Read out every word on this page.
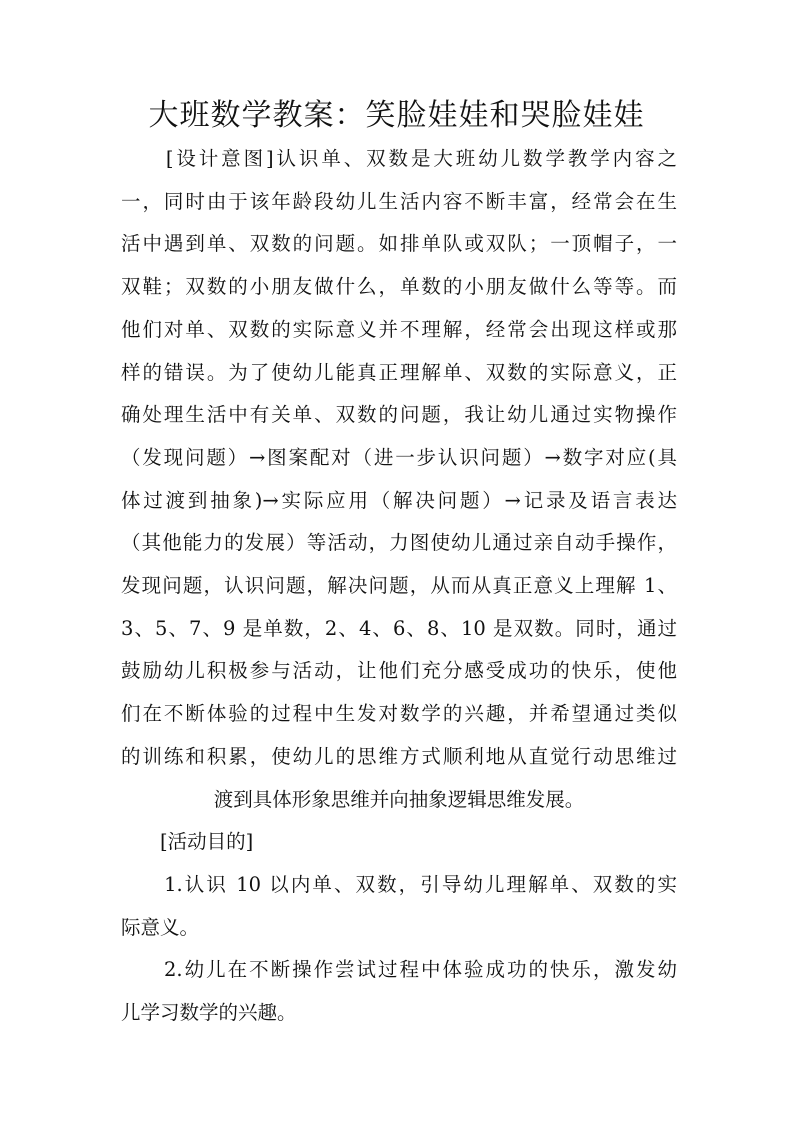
大班数学教案：笑脸娃娃和哭脸娃娃
　　[设计意图]认识单、双数是大班幼儿数学教学内容之
一，同时由于该年龄段幼儿生活内容不断丰富，经常会在生
活中遇到单、双数的问题。如排单队或双队；一顶帽子，一
双鞋；双数的小朋友做什么，单数的小朋友做什么等等。而
他们对单、双数的实际意义并不理解，经常会出现这样或那
样的错误。为了使幼儿能真正理解单、双数的实际意义，正
确处理生活中有关单、双数的问题，我让幼儿通过实物操作
（发现问题）→图案配对（进一步认识问题）→数字对应(具
体过渡到抽象)→实际应用（解决问题）→记录及语言表达
（其他能力的发展）等活动，力图使幼儿通过亲自动手操作，
发现问题，认识问题，解决问题，从而从真正意义上理解 1、
3、5、7、9 是单数，2、4、6、8、10 是双数。同时，通过
鼓励幼儿积极参与活动，让他们充分感受成功的快乐，使他
们在不断体验的过程中生发对数学的兴趣，并希望通过类似
的训练和积累，使幼儿的思维方式顺利地从直觉行动思维过
渡到具体形象思维并向抽象逻辑思维发展。
　　[活动目的]
　　1.认识 10 以内单、双数，引导幼儿理解单、双数的实
际意义。
　　2.幼儿在不断操作尝试过程中体验成功的快乐，激发幼
儿学习数学的兴趣。
